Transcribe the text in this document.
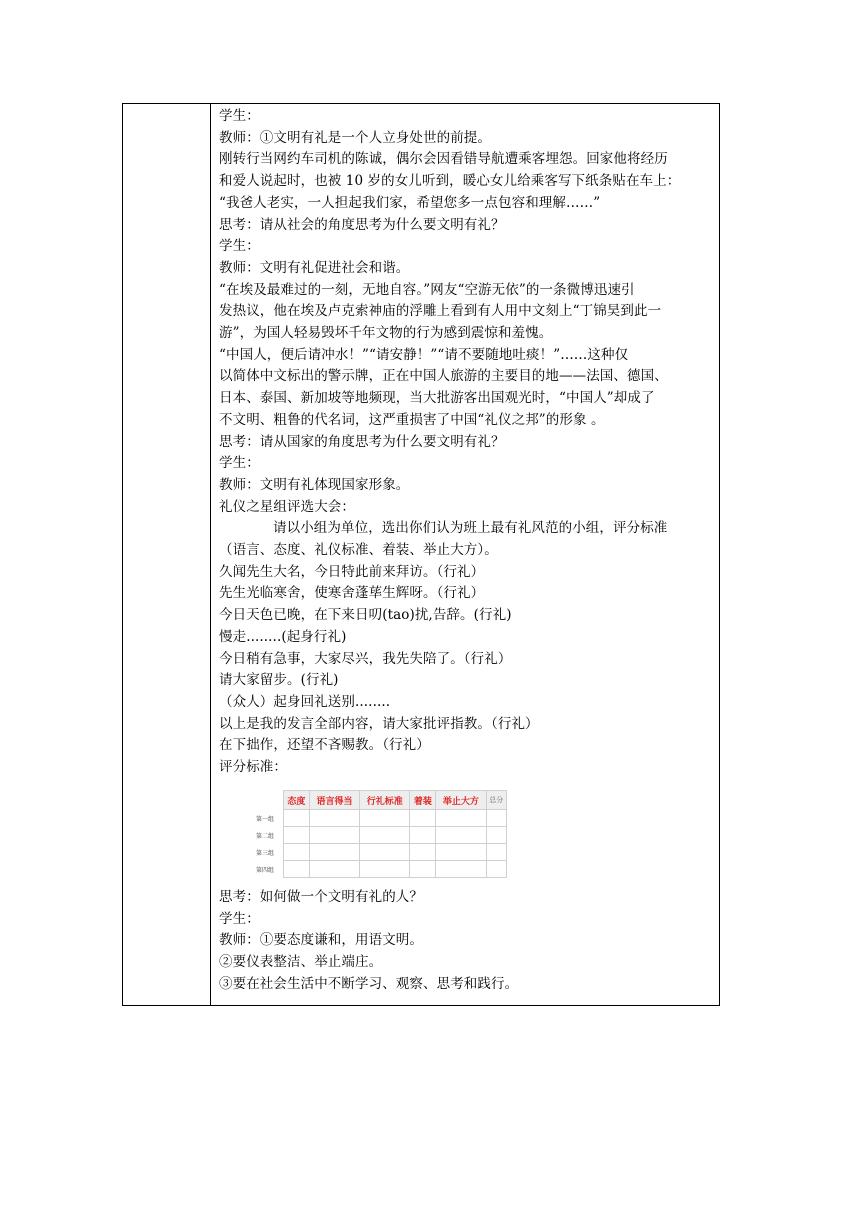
学生：
教师：①文明有礼是一个人立身处世的前提。
刚转行当网约车司机的陈诚，偶尔会因看错导航遭乘客埋怨。回家他将经历
和爱人说起时，也被 10 岁的女儿听到，暖心女儿给乘客写下纸条贴在车上：
“我爸人老实，一人担起我们家，希望您多一点包容和理解……”
思考：请从社会的角度思考为什么要文明有礼？
学生：
教师：文明有礼促进社会和谐。
“在埃及最难过的一刻，无地自容。”网友“空游无依”的一条微博迅速引
发热议，他在埃及卢克索神庙的浮雕上看到有人用中文刻上“丁锦昊到此一
游”，为国人轻易毁坏千年文物的行为感到震惊和羞愧。
“中国人，便后请冲水！”“请安静！”“请不要随地吐痰！”……这种仅
以简体中文标出的警示牌，正在中国人旅游的主要目的地——法国、德国、
日本、泰国、新加坡等地频现，当大批游客出国观光时，“中国人”却成了
不文明、粗鲁的代名词，这严重损害了中国“礼仪之邦”的形象 。
思考：请从国家的角度思考为什么要文明有礼？
学生：
教师：文明有礼体现国家形象。
礼仪之星组评选大会：
请以小组为单位，选出你们认为班上最有礼风范的小组，评分标准
（语言、态度、礼仪标准、着装、举止大方）。
久闻先生大名，今日特此前来拜访。（行礼）
先生光临寒舍，使寒舍蓬荜生辉呀。（行礼）
今日天色已晚，在下来日叨(tao)扰,告辞。(行礼)
慢走........(起身行礼)
今日稍有急事，大家尽兴，我先失陪了。（行礼）
请大家留步。(行礼)
（众人）起身回礼送别........
以上是我的发言全部内容，请大家批评指教。（行礼）
在下拙作，还望不吝赐教。（行礼）
评分标准：
思考：如何做一个文明有礼的人？
学生：
教师：①要态度谦和，用语文明。
②要仪表整洁、举止端庄。
③要在社会生活中不断学习、观察、思考和践行。
	态度	语言得当	行礼标准	着装	举止大方	总分
第一组						
第二组						
第三组						
第四组						
